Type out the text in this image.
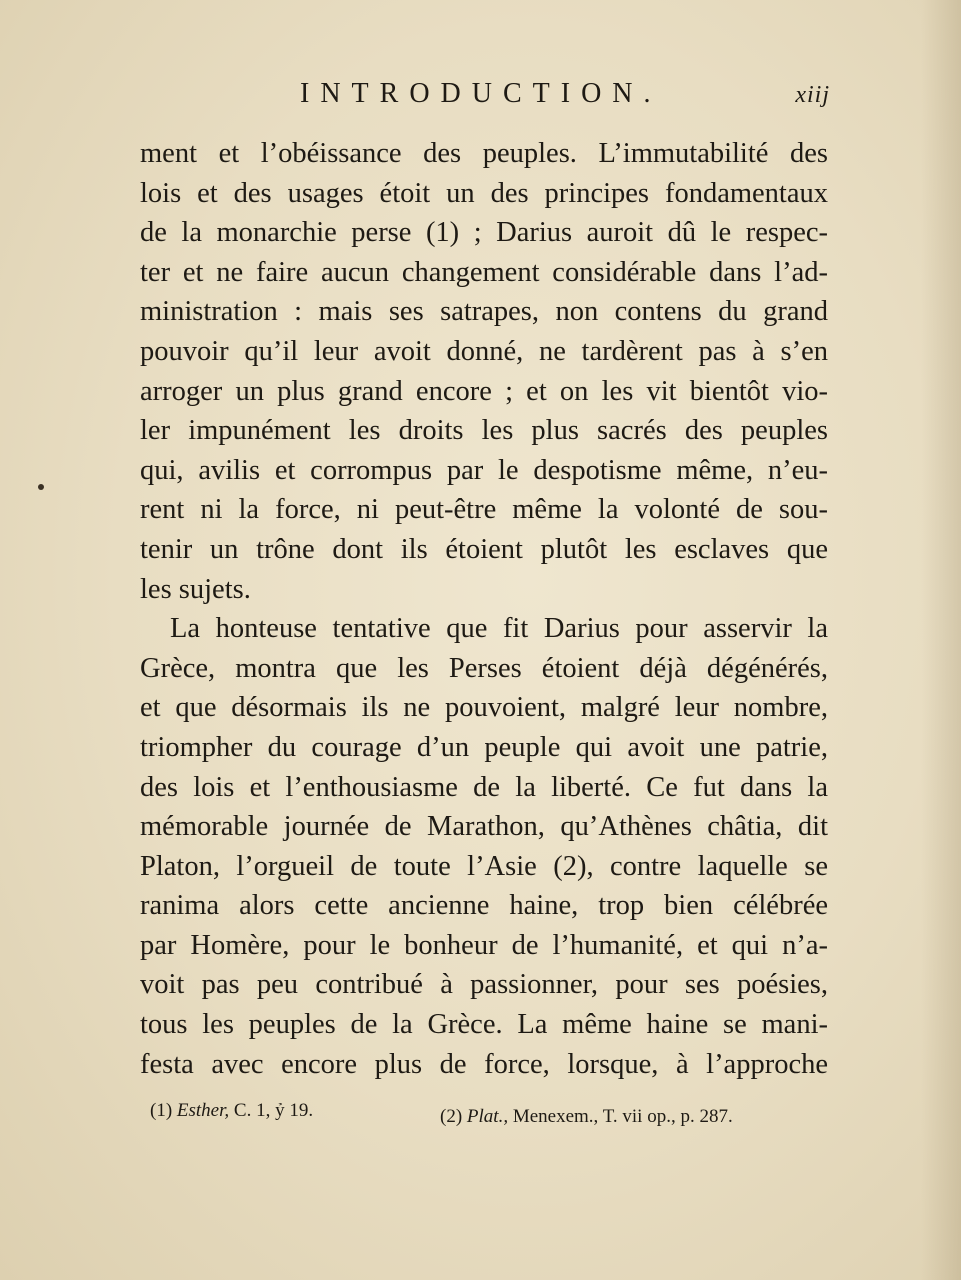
INTRODUCTION.	xiij
ment et l’obéissance des peuples. L’immutabilité des
lois et des usages étoit un des principes fondamentaux
de la monarchie perse (1) ; Darius auroit dû le respec-
ter et ne faire aucun changement considérable dans l’ad-
ministration : mais ses satrapes, non contens du grand
pouvoir qu’il leur avoit donné, ne tardèrent pas à s’en
arroger un plus grand encore ; et on les vit bientôt vio-
ler impunément les droits les plus sacrés des peuples
qui, avilis et corrompus par le despotisme même, n’eu-
rent ni la force, ni peut-être même la volonté de sou-
tenir un trône dont ils étoient plutôt les esclaves que
les sujets.
La honteuse tentative que fit Darius pour asservir la
Grèce, montra que les Perses étoient déjà dégénérés,
et que désormais ils ne pouvoient, malgré leur nombre,
triompher du courage d’un peuple qui avoit une patrie,
des lois et l’enthousiasme de la liberté. Ce fut dans la
mémorable journée de Marathon, qu’Athènes châtia, dit
Platon, l’orgueil de toute l’Asie (2), contre laquelle se
ranima alors cette ancienne haine, trop bien célébrée
par Homère, pour le bonheur de l’humanité, et qui n’a-
voit pas peu contribué à passionner, pour ses poésies,
tous les peuples de la Grèce. La même haine se mani-
festa avec encore plus de force, lorsque, à l’approche
(1) Esther, C. 1, ỷ 19.	(2) Plat., Menexem., T. vii op., p. 287.
